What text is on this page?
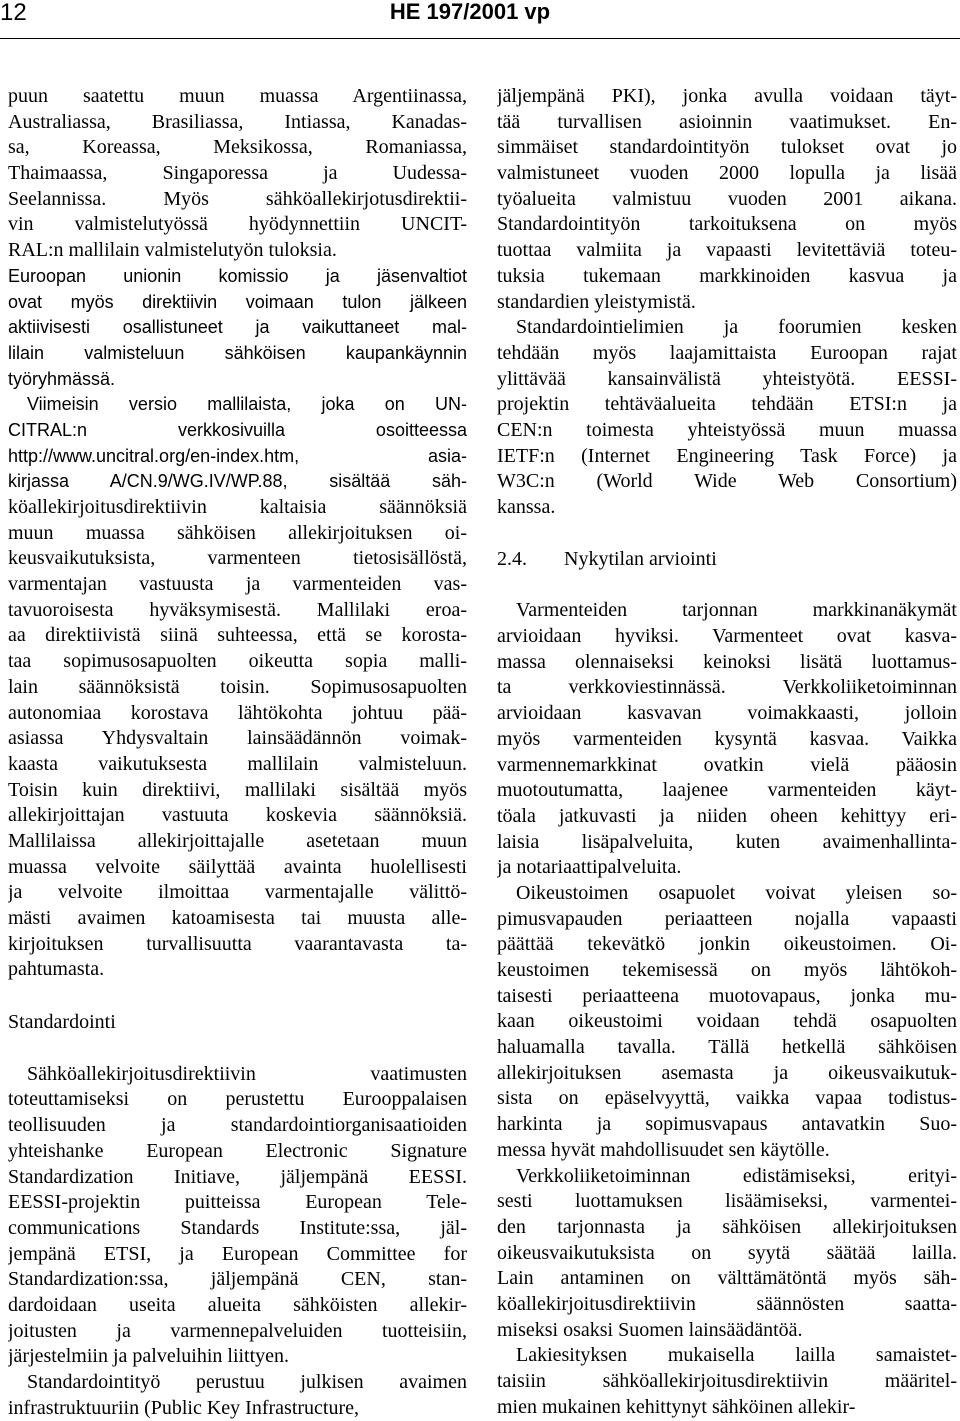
12	HE 197/2001 vp
puun saatettu muun muassa Argentiinassa,
Australiassa, Brasiliassa, Intiassa, Kanadas-
sa, Koreassa, Meksikossa, Romaniassa,
Thaimaassa, Singaporessa ja Uudessa-
Seelannissa. Myös sähköallekirjotusdirektii-
vin valmistelutyössä hyödynnettiin UNCIT-
RAL:n mallilain valmistelutyön tuloksia.
Euroopan unionin komissio ja jäsenvaltiot
ovat myös direktiivin voimaan tulon jälkeen
aktiivisesti osallistuneet ja vaikuttaneet mal-
lilain valmisteluun sähköisen kaupankäynnin
työryhmässä.
Viimeisin versio mallilaista, joka on UN-
CITRAL:n verkkosivuilla osoitteessa
http://www.uncitral.org/en-index.htm, asia-
kirjassa A/CN.9/WG.IV/WP.88, sisältää säh-
köallekirjoitusdirektiivin kaltaisia säännöksiä
muun muassa sähköisen allekirjoituksen oi-
keusvaikutuksista, varmenteen tietosisällöstä,
varmentajan vastuusta ja varmenteiden vas-
tavuoroisesta hyväksymisestä. Mallilaki eroa-
aa direktiivistä siinä suhteessa, että se korosta-
taa sopimusosapuolten oikeutta sopia malli-
lain säännöksistä toisin. Sopimusosapuolten
autonomiaa korostava lähtökohta johtuu pää-
asiassa Yhdysvaltain lainsäädännön voimak-
kaasta vaikutuksesta mallilain valmisteluun.
Toisin kuin direktiivi, mallilaki sisältää myös
allekirjoittajan vastuuta koskevia säännöksiä.
Mallilaissa allekirjoittajalle asetetaan muun
muassa velvoite säilyttää avainta huolellisesti
ja velvoite ilmoittaa varmentajalle välittö-
mästi avaimen katoamisesta tai muusta alle-
kirjoituksen turvallisuutta vaarantavasta ta-
pahtumasta.
Standardointi
Sähköallekirjoitusdirektiivin vaatimusten
toteuttamiseksi on perustettu Eurooppalaisen
teollisuuden ja standardointiorganisaatioiden
yhteishanke European Electronic Signature
Standardization Initiave, jäljempänä EESSI.
EESSI-projektin puitteissa European Tele-
communications Standards Institute:ssa, jäl-
jempänä ETSI, ja European Committee for
Standardization:ssa, jäljempänä CEN, stan-
dardoidaan useita alueita sähköisten allekir-
joitusten ja varmennepalveluiden tuotteisiin,
järjestelmiin ja palveluihin liittyen.
Standardointityö perustuu julkisen avaimen
infrastruktuuriin (Public Key Infrastructure,
jäljempänä PKI), jonka avulla voidaan täyt-
tää turvallisen asioinnin vaatimukset. En-
simmäiset standardointityön tulokset ovat jo
valmistuneet vuoden 2000 lopulla ja lisää
työalueita valmistuu vuoden 2001 aikana.
Standardointityön tarkoituksena on myös
tuottaa valmiita ja vapaasti levitettäviä toteu-
tuksia tukemaan markkinoiden kasvua ja
standardien yleistymistä.
Standardointielimien ja foorumien kesken
tehdään myös laajamittaista Euroopan rajat
ylittävää kansainvälistä yhteistyötä. EESSI-
projektin tehtäväalueita tehdään ETSI:n ja
CEN:n toimesta yhteistyössä muun muassa
IETF:n (Internet Engineering Task Force) ja
W3C:n (World Wide Web Consortium)
kanssa.
2.4. Nykytilan arviointi
Varmenteiden tarjonnan markkinanäkymät
arvioidaan hyviksi. Varmenteet ovat kasva-
massa olennaiseksi keinoksi lisätä luottamus-
ta verkkoviestinnässä. Verkkoliiketoiminnan
arvioidaan kasvavan voimakkaasti, jolloin
myös varmenteiden kysyntä kasvaa. Vaikka
varmennemarkkinat ovatkin vielä pääosin
muotoutumatta, laajenee varmenteiden käyt-
töala jatkuvasti ja niiden oheen kehittyy eri-
laisia lisäpalveluita, kuten avaimenhallinta-
ja notariaattipalveluita.
Oikeustoimen osapuolet voivat yleisen so-
pimusvapauden periaatteen nojalla vapaasti
päättää tekevätkö jonkin oikeustoimen. Oi-
keustoimen tekemisessä on myös lähtökoh-
taisesti periaatteena muotovapaus, jonka mu-
kaan oikeustoimi voidaan tehdä osapuolten
haluamalla tavalla. Tällä hetkellä sähköisen
allekirjoituksen asemasta ja oikeusvaikutuk-
sista on epäselvyyttä, vaikka vapaa todistus-
harkinta ja sopimusvapaus antavatkin Suo-
messa hyvät mahdollisuudet sen käytölle.
Verkkoliiketoiminnan edistämiseksi, erityi-
sesti luottamuksen lisäämiseksi, varmentei-
den tarjonnasta ja sähköisen allekirjoituksen
oikeusvaikutuksista on syytä säätää lailla.
Lain antaminen on välttämätöntä myös säh-
köallekirjoitusdirektiivin säännösten saatta-
miseksi osaksi Suomen lainsäädäntöä.
Lakiesityksen mukaisella lailla samaistet-
taisiin sähköallekirjoitusdirektiivin määritel-
mien mukainen kehittynyt sähköinen allekir-
